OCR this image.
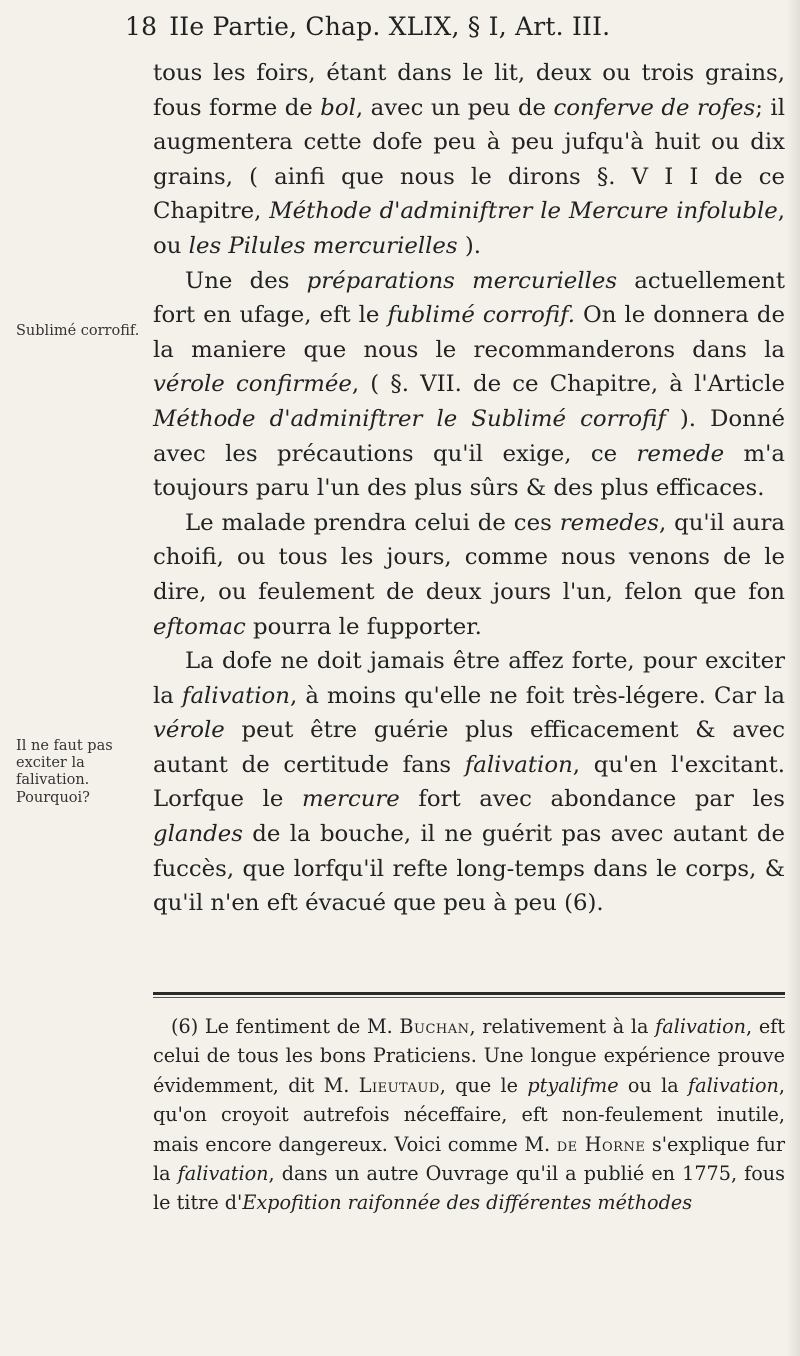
18 IIe Partie, Chap. XLIX, § I, Art. III.
Sublimé corrofif.
Il ne faut pas exciter la falivation.
Pourquoi?

tous les foirs, étant dans le lit, deux ou trois grains, fous forme de bol, avec un peu de conferve de rofes; il augmentera cette dofe peu à peu jufqu'à huit ou dix grains, ( ainfi que nous le dirons §. V I I de ce Chapitre, Méthode d'adminiftrer le Mercure infoluble, ou les Pilules mercurielles ).

Une des préparations mercurielles actuellement fort en ufage, eft le fublimé corrofif. On le donnera de la maniere que nous le recommanderons dans la vérole confirmée, ( §. VII. de ce Chapitre, à l'Article Méthode d'adminiftrer le Sublimé corrofif ). Donné avec les précautions qu'il exige, ce remede m'a toujours paru l'un des plus sûrs & des plus efficaces.

Le malade prendra celui de ces remedes, qu'il aura choifi, ou tous les jours, comme nous venons de le dire, ou feulement de deux jours l'un, felon que fon eftomac pourra le fupporter.

La dofe ne doit jamais être affez forte, pour exciter la falivation, à moins qu'elle ne foit très-légere. Car la vérole peut être guérie plus efficacement & avec autant de certitude fans falivation, qu'en l'excitant. Lorfque le mercure fort avec abondance par les glandes de la bouche, il ne guérit pas avec autant de fuccès, que lorfqu'il refte long-temps dans le corps, & qu'il n'en eft évacué que peu à peu (6).

(6) Le fentiment de M. Buchan, relativement à la falivation, eft celui de tous les bons Praticiens. Une longue expérience prouve évidemment, dit M. Lieutaud, que le ptyalifme ou la falivation, qu'on croyoit autrefois néceffaire, eft non-feulement inutile, mais encore dangereux. Voici comme M. de Horne s'explique fur la falivation, dans un autre Ouvrage qu'il a publié en 1775, fous le titre d'Expofition raifonnée des différentes méthodes
